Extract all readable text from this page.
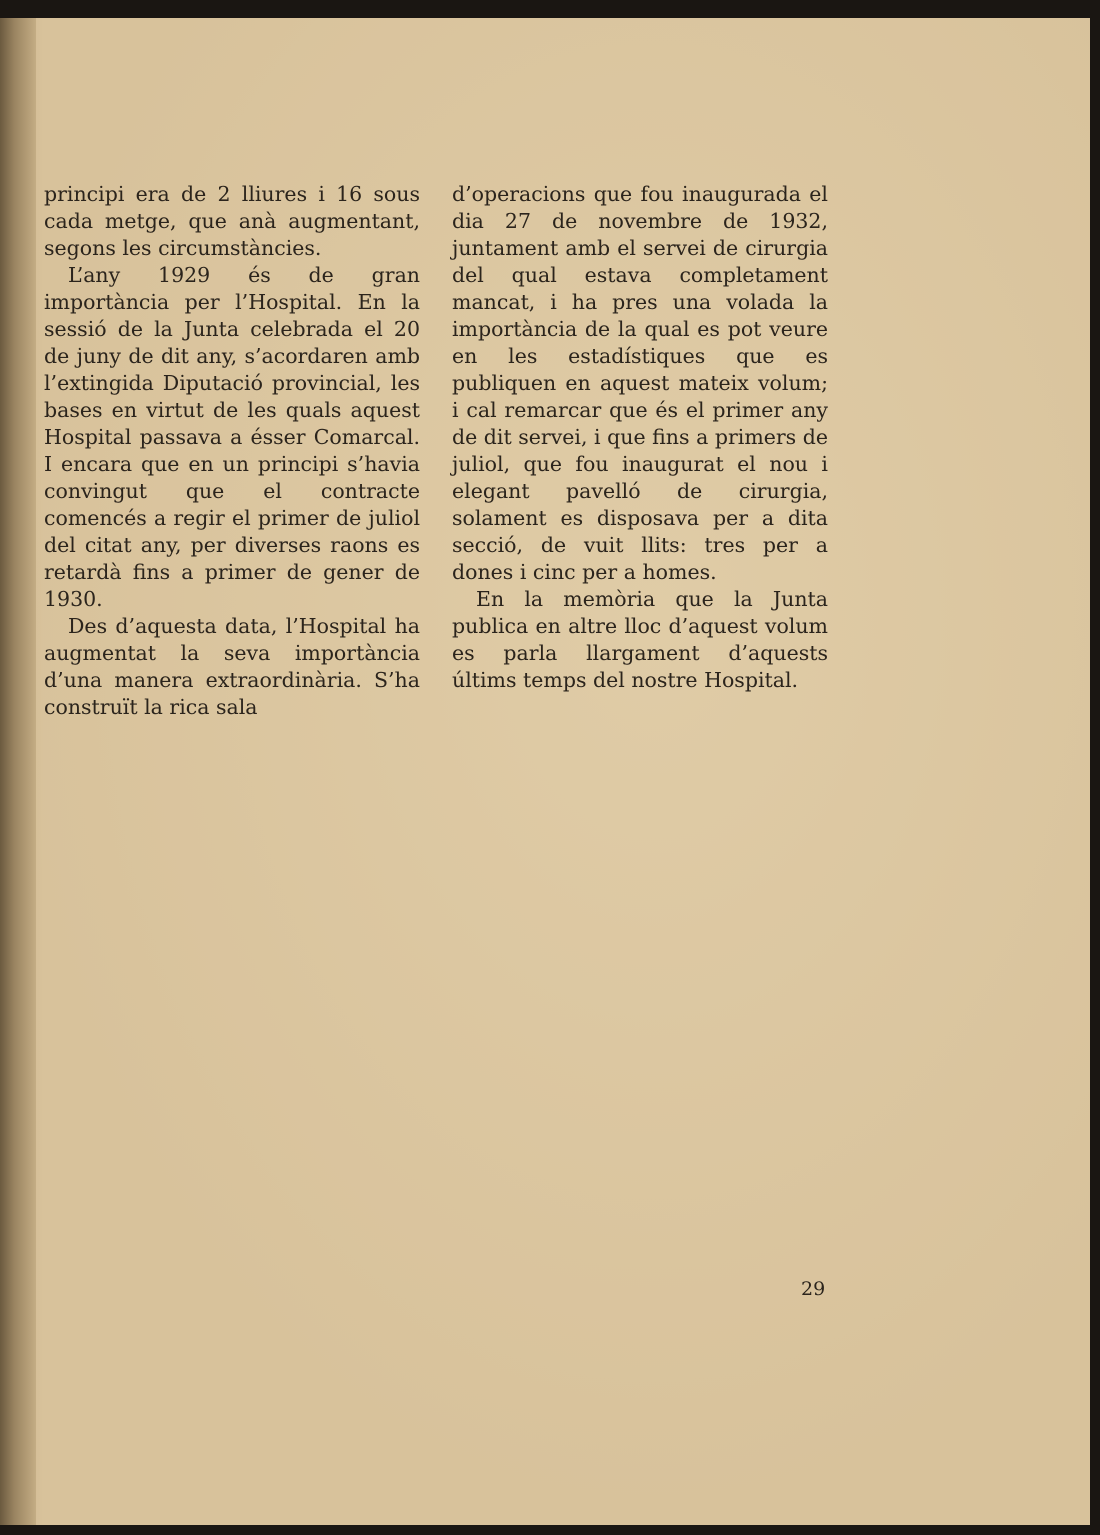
principi era de 2 lliures i 16 sous cada metge, que anà augmentant, segons les circumstàncies.

L’any 1929 és de gran importància per l’Hospital. En la sessió de la Junta celebrada el 20 de juny de dit any, s’acordaren amb l’extingida Diputació provincial, les bases en virtut de les quals aquest Hospital passava a ésser Comarcal. I encara que en un principi s’havia convingut que el contracte comencés a regir el primer de juliol del citat any, per diverses raons es retardà fins a primer de gener de 1930.

Des d’aquesta data, l’Hospital ha augmentat la seva importància d’una manera extraordinària. S’ha construït la rica sala

d’operacions que fou inaugurada el dia 27 de novembre de 1932, juntament amb el servei de cirurgia del qual estava completament mancat, i ha pres una volada la importància de la qual es pot veure en les estadístiques que es publiquen en aquest mateix volum; i cal remarcar que és el primer any de dit servei, i que fins a primers de juliol, que fou inaugurat el nou i elegant pavelló de cirurgia, solament es disposava per a dita secció, de vuit llits: tres per a dones i cinc per a homes.

En la memòria que la Junta publica en altre lloc d’aquest volum es parla llargament d’aquests últims temps del nostre Hospital.

29
